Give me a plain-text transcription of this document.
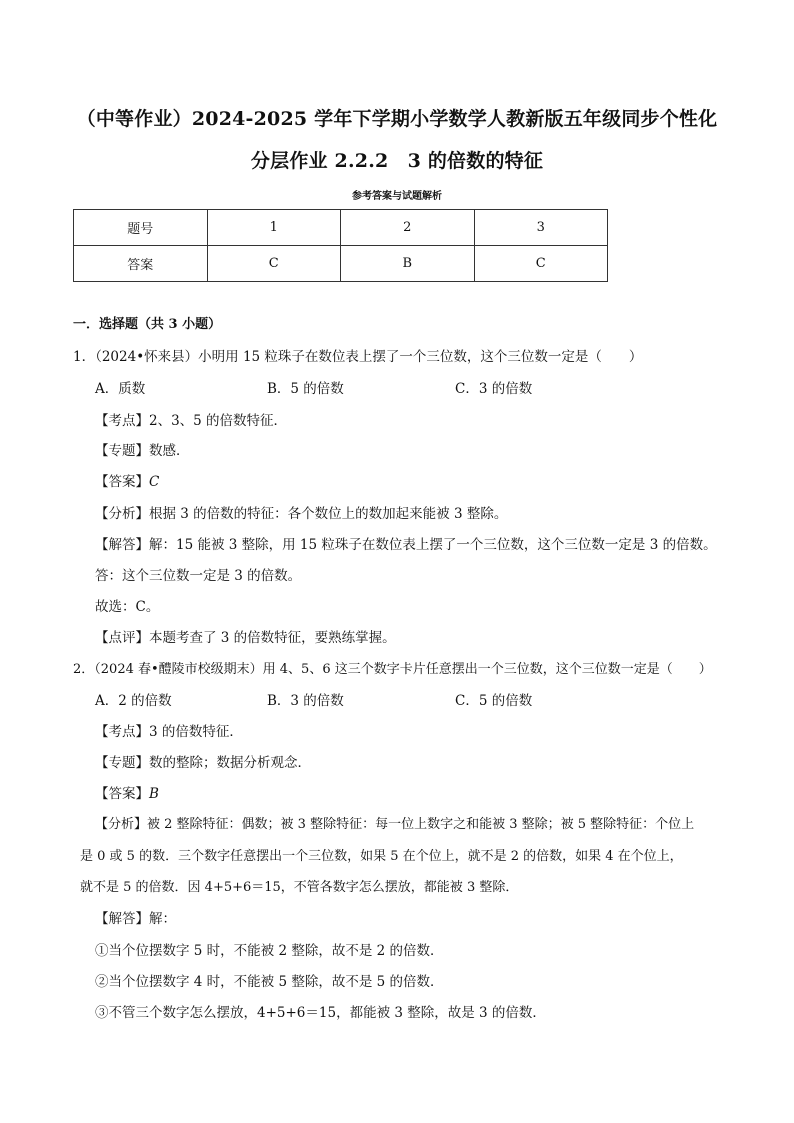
（中等作业）2024-2025 学年下学期小学数学人教新版五年级同步个性化
分层作业 2.2.2　3 的倍数的特征
参考答案与试题解析
题号	1	2	3
答案	C	B	C
一．选择题（共 3 小题）
1．（2024•怀来县）小明用 15 粒珠子在数位表上摆了一个三位数，这个三位数一定是（　　）
A．质数	B．5 的倍数	C．3 的倍数
【考点】2、3、5 的倍数特征．
【专题】数感．
【答案】C
【分析】根据 3 的倍数的特征：各个数位上的数加起来能被 3 整除。
【解答】解：15 能被 3 整除，用 15 粒珠子在数位表上摆了一个三位数，这个三位数一定是 3 的倍数。
答：这个三位数一定是 3 的倍数。
故选：C。
【点评】本题考查了 3 的倍数特征，要熟练掌握。
2．（2024 春•醴陵市校级期末）用 4、5、6 这三个数字卡片任意摆出一个三位数，这个三位数一定是（　　）
A．2 的倍数	B．3 的倍数	C．5 的倍数
【考点】3 的倍数特征．
【专题】数的整除；数据分析观念．
【答案】B
【分析】被 2 整除特征：偶数；被 3 整除特征：每一位上数字之和能被 3 整除；被 5 整除特征：个位上
是 0 或 5 的数．三个数字任意摆出一个三位数，如果 5 在个位上，就不是 2 的倍数，如果 4 在个位上，
就不是 5 的倍数．因 4+5+6＝15，不管各数字怎么摆放，都能被 3 整除．
【解答】解：
①当个位摆数字 5 时，不能被 2 整除，故不是 2 的倍数．
②当个位摆数字 4 时，不能被 5 整除，故不是 5 的倍数．
③不管三个数字怎么摆放，4+5+6＝15，都能被 3 整除，故是 3 的倍数．
